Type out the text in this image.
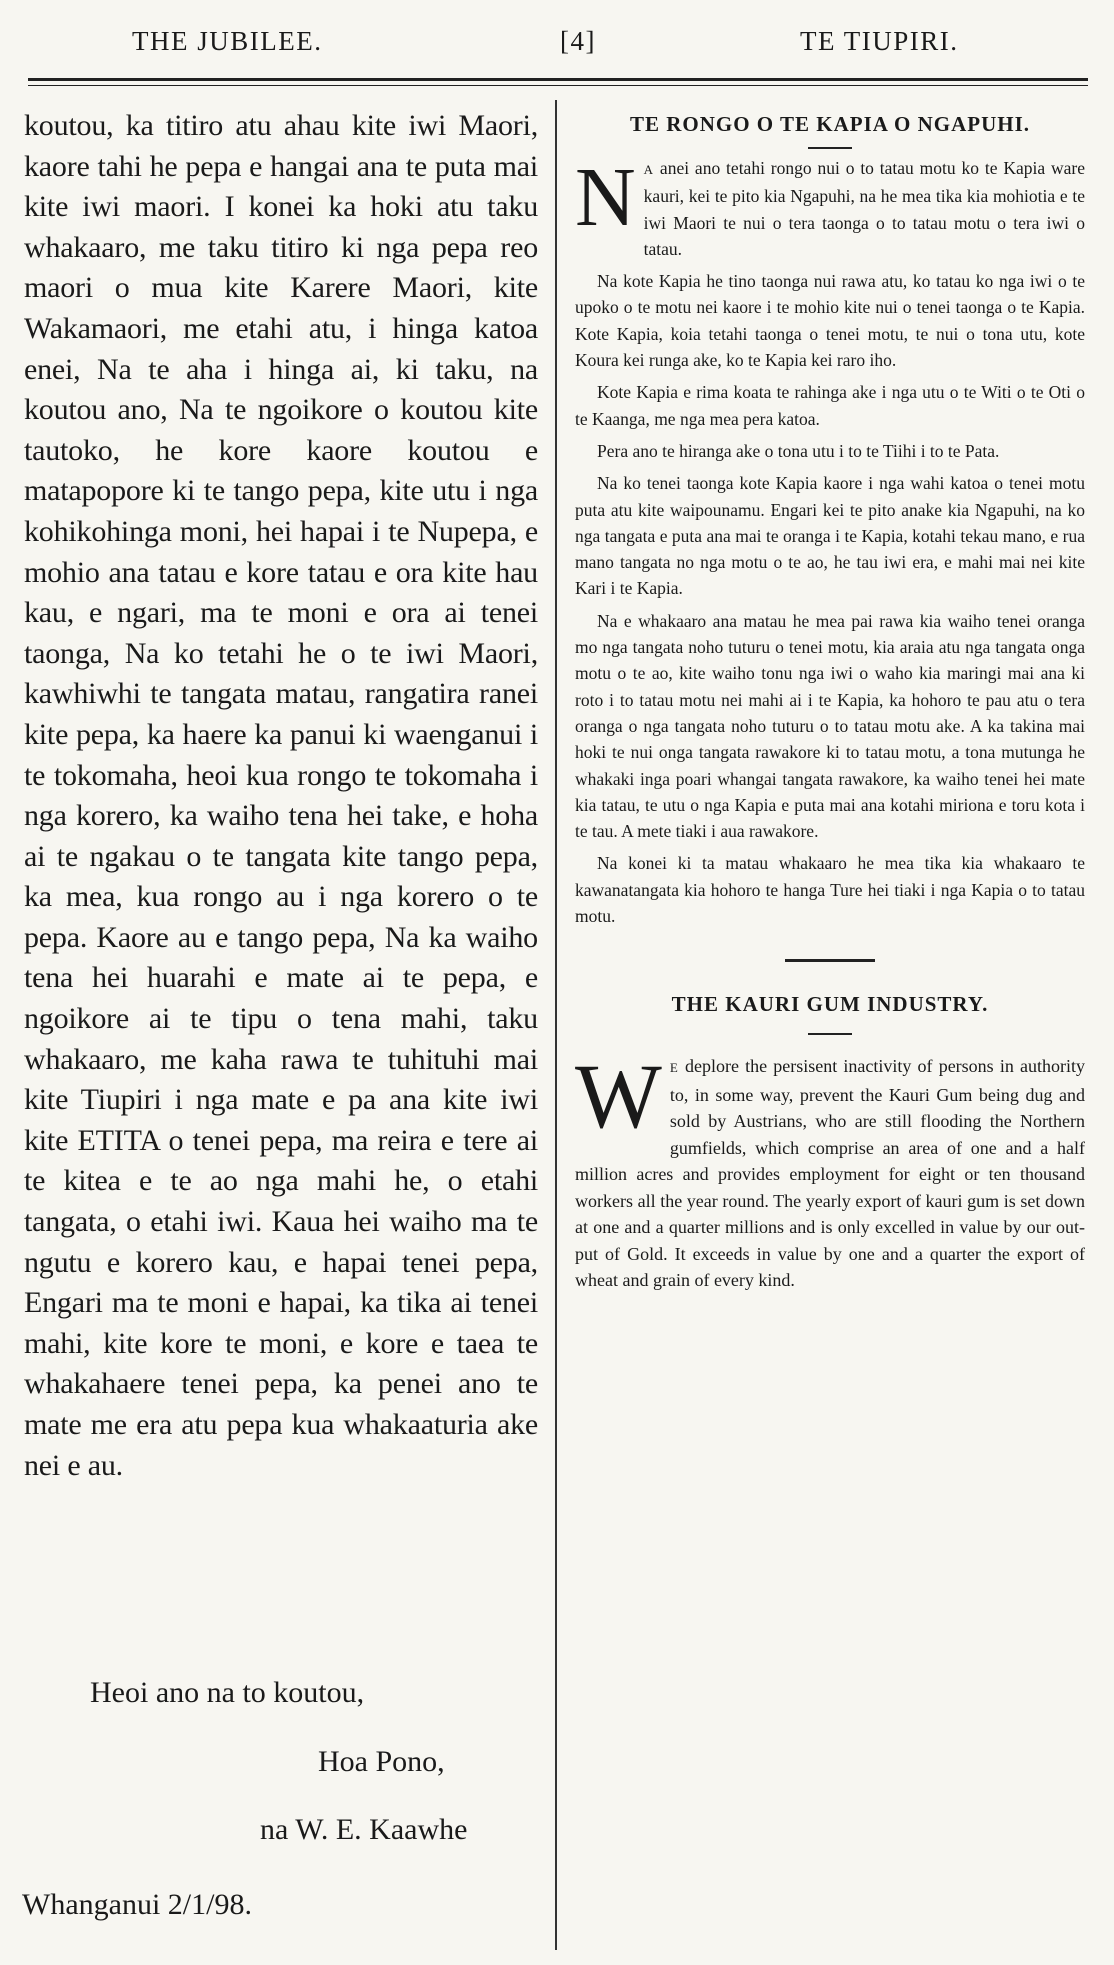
THE JUBILEE.	[4]	TE TIUPIRI.

koutou, ka titiro atu ahau kite iwi Maori, kaore tahi he pepa e hangai ana te puta mai kite iwi maori. I konei ka hoki atu taku whakaaro, me taku titiro ki nga pepa reo maori o mua kite Karere Maori, kite Wakamaori, me etahi atu, i hinga katoa enei, Na te aha i hinga ai, ki taku, na koutou ano, Na te ngoikore o koutou kite tautoko, he kore kaore koutou e matapopore ki te tango pepa, kite utu i nga kohikohinga moni, hei hapai i te Nupepa, e mohio ana tatau e kore tatau e ora kite hau kau, e ngari, ma te moni e ora ai tenei taonga, Na ko tetahi he o te iwi Maori, kawhiwhi te tangata matau, rangatira ranei kite pepa, ka haere ka panui ki waenganui i te tokomaha, heoi kua rongo te tokomaha i nga korero, ka waiho tena hei take, e hoha ai te ngakau o te tangata kite tango pepa, ka mea, kua rongo au i nga korero o te pepa. Kaore au e tango pepa, Na ka waiho tena hei huarahi e mate ai te pepa, e ngoikore ai te tipu o tena mahi, taku whakaaro, me kaha rawa te tuhituhi mai kite Tiupiri i nga mate e pa ana kite iwi kite ETITA o tenei pepa, ma reira e tere ai te kitea e te ao nga mahi he, o etahi tangata, o etahi iwi. Kaua hei waiho ma te ngutu e korero kau, e hapai tenei pepa, Engari ma te moni e hapai, ka tika ai tenei mahi, kite kore te moni, e kore e taea te whakahaere tenei pepa, ka penei ano te mate me era atu pepa kua whakaaturia ake nei e au.

Heoi ano na to koutou,
Hoa Pono,
na W. E. Kaawhe
Whanganui 2/1/98.
TE RONGO O TE KAPIA O NGAPUHI.

N A anei ano tetahi rongo nui o to tatau motu ko te Kapia ware kauri, kei te pito kia Ngapuhi, na he mea tika kia mohiotia e te iwi Maori te nui o tera taonga o to tatau motu o tera iwi o tatau.

Na kote Kapia he tino taonga nui rawa atu, ko tatau ko nga iwi o te upoko o te motu nei kaore i te mohio kite nui o tenei taonga o te Kapia. Kote Kapia, koia tetahi taonga o tenei motu, te nui o tona utu, kote Koura kei runga ake, ko te Kapia kei raro iho.

Kote Kapia e rima koata te rahinga ake i nga utu o te Witi o te Oti o te Kaanga, me nga mea pera katoa.

Pera ano te hiranga ake o tona utu i to te Tiihi i to te Pata.

Na ko tenei taonga kote Kapia kaore i nga wahi katoa o tenei motu puta atu kite waipounamu. Engari kei te pito anake kia Ngapuhi, na ko nga tangata e puta ana mai te oranga i te Kapia, kotahi tekau mano, e rua mano tangata no nga motu o te ao, he tau iwi era, e mahi mai nei kite Kari i te Kapia.

Na e whakaaro ana matau he mea pai rawa kia waiho tenei oranga mo nga tangata noho tuturu o tenei motu, kia araia atu nga tangata onga motu o te ao, kite waiho tonu nga iwi o waho kia maringi mai ana ki roto i to tatau motu nei mahi ai i te Kapia, ka hohoro te pau atu o tera oranga o nga tangata noho tuturu o to tatau motu ake. A ka takina mai hoki te nui onga tangata rawakore ki to tatau motu, a tona mutunga he whakaki inga poari whangai tangata rawakore, ka waiho tenei hei mate kia tatau, te utu o nga Kapia e puta mai ana kotahi miriona e toru kota i te tau. A mete tiaki i aua rawakore.

Na konei ki ta matau whakaaro he mea tika kia whakaaro te kawanatangata kia hohoro te hanga Ture hei tiaki i nga Kapia o to tatau motu.

THE KAURI GUM INDUSTRY.

W E deplore the persisent inactivity of persons in authority to, in some way, prevent the Kauri Gum being dug and sold by Austrians, who are still flooding the Northern gumfields, which comprise an area of one and a half million acres and provides employment for eight or ten thousand workers all the year round. The yearly export of kauri gum is set down at one and a quarter millions and is only excelled in value by our out-put of Gold. It exceeds in value by one and a quarter the export of wheat and grain of every kind.
